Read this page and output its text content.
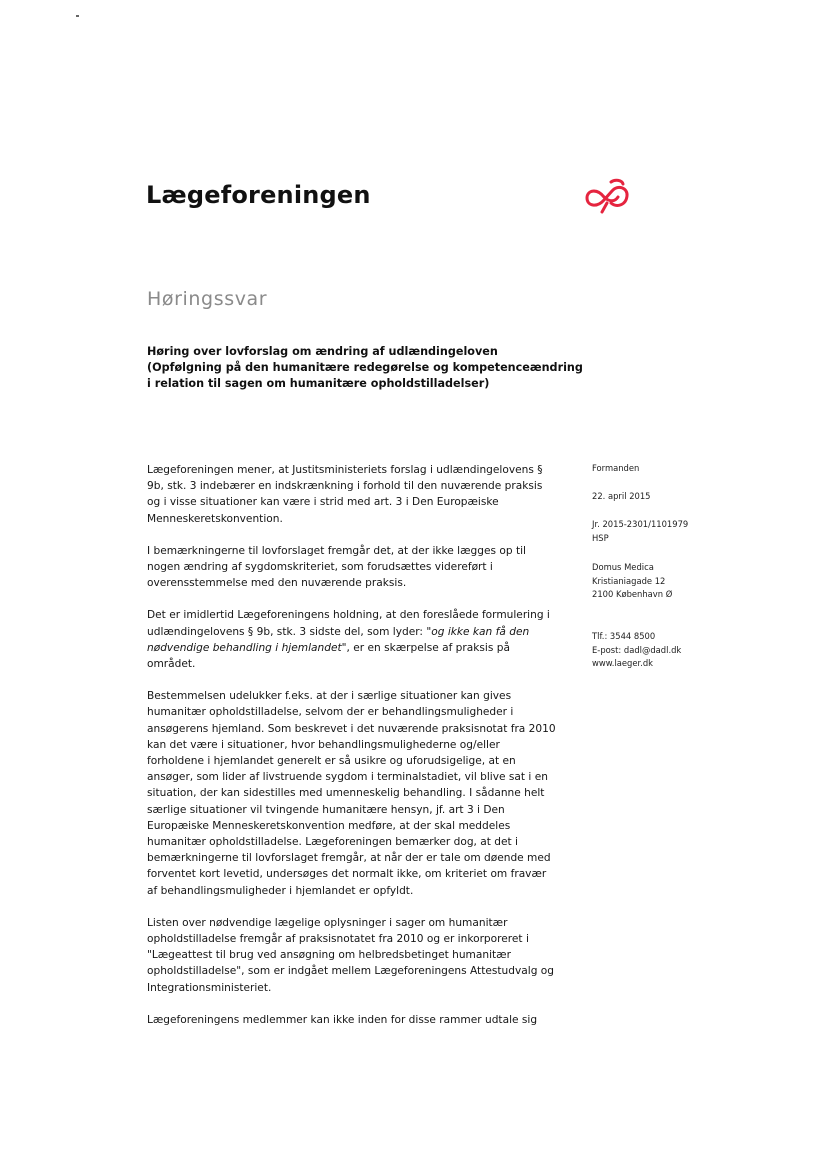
Lægeforeningen
Høringssvar
Høring over lovforslag om ændring af udlændingeloven
(Opfølgning på den humanitære redegørelse og kompetenceændring
i relation til sagen om humanitære opholdstilladelser)

Lægeforeningen mener, at Justitsministeriets forslag i udlændingelovens § 9b, stk. 3 indebærer en indskrænkning i forhold til den nuværende praksis og i visse situationer kan være i strid med art. 3 i Den Europæiske Menneskeretskonvention.

I bemærkningerne til lovforslaget fremgår det, at der ikke lægges op til nogen ændring af sygdomskriteriet, som forudsættes videreført i overensstemmelse med den nuværende praksis.

Det er imidlertid Lægeforeningens holdning, at den foreslåede formulering i udlændingelovens § 9b, stk. 3 sidste del, som lyder: "og ikke kan få den nødvendige behandling i hjemlandet", er en skærpelse af praksis på området.

Bestemmelsen udelukker f.eks. at der i særlige situationer kan gives humanitær opholdstilladelse, selvom der er behandlingsmuligheder i ansøgerens hjemland. Som beskrevet i det nuværende praksisnotat fra 2010 kan det være i situationer, hvor behandlingsmulighederne og/eller forholdene i hjemlandet generelt er så usikre og uforudsigelige, at en ansøger, som lider af livstruende sygdom i terminalstadiet, vil blive sat i en situation, der kan sidestilles med umenneskelig behandling. I sådanne helt særlige situationer vil tvingende humanitære hensyn, jf. art 3 i Den Europæiske Menneskeretskonvention medføre, at der skal meddeles humanitær opholdstilladelse. Lægeforeningen bemærker dog, at det i bemærkningerne til lovforslaget fremgår, at når der er tale om døende med forventet kort levetid, undersøges det normalt ikke, om kriteriet om fravær af behandlingsmuligheder i hjemlandet er opfyldt.

Listen over nødvendige lægelige oplysninger i sager om humanitær opholdstilladelse fremgår af praksisnotatet fra 2010 og er inkorporeret i "Lægeattest til brug ved ansøgning om helbredsbetinget humanitær opholdstilladelse", som er indgået mellem Lægeforeningens Attestudvalg og Integrationsministeriet.

Lægeforeningens medlemmer kan ikke inden for disse rammer udtale sig

Formanden
22. april 2015
Jr. 2015-2301/1101979
HSP
Domus Medica
Kristianiagade 12
2100 København Ø
Tlf.: 3544 8500
E-post: dadl@dadl.dk
www.laeger.dk
